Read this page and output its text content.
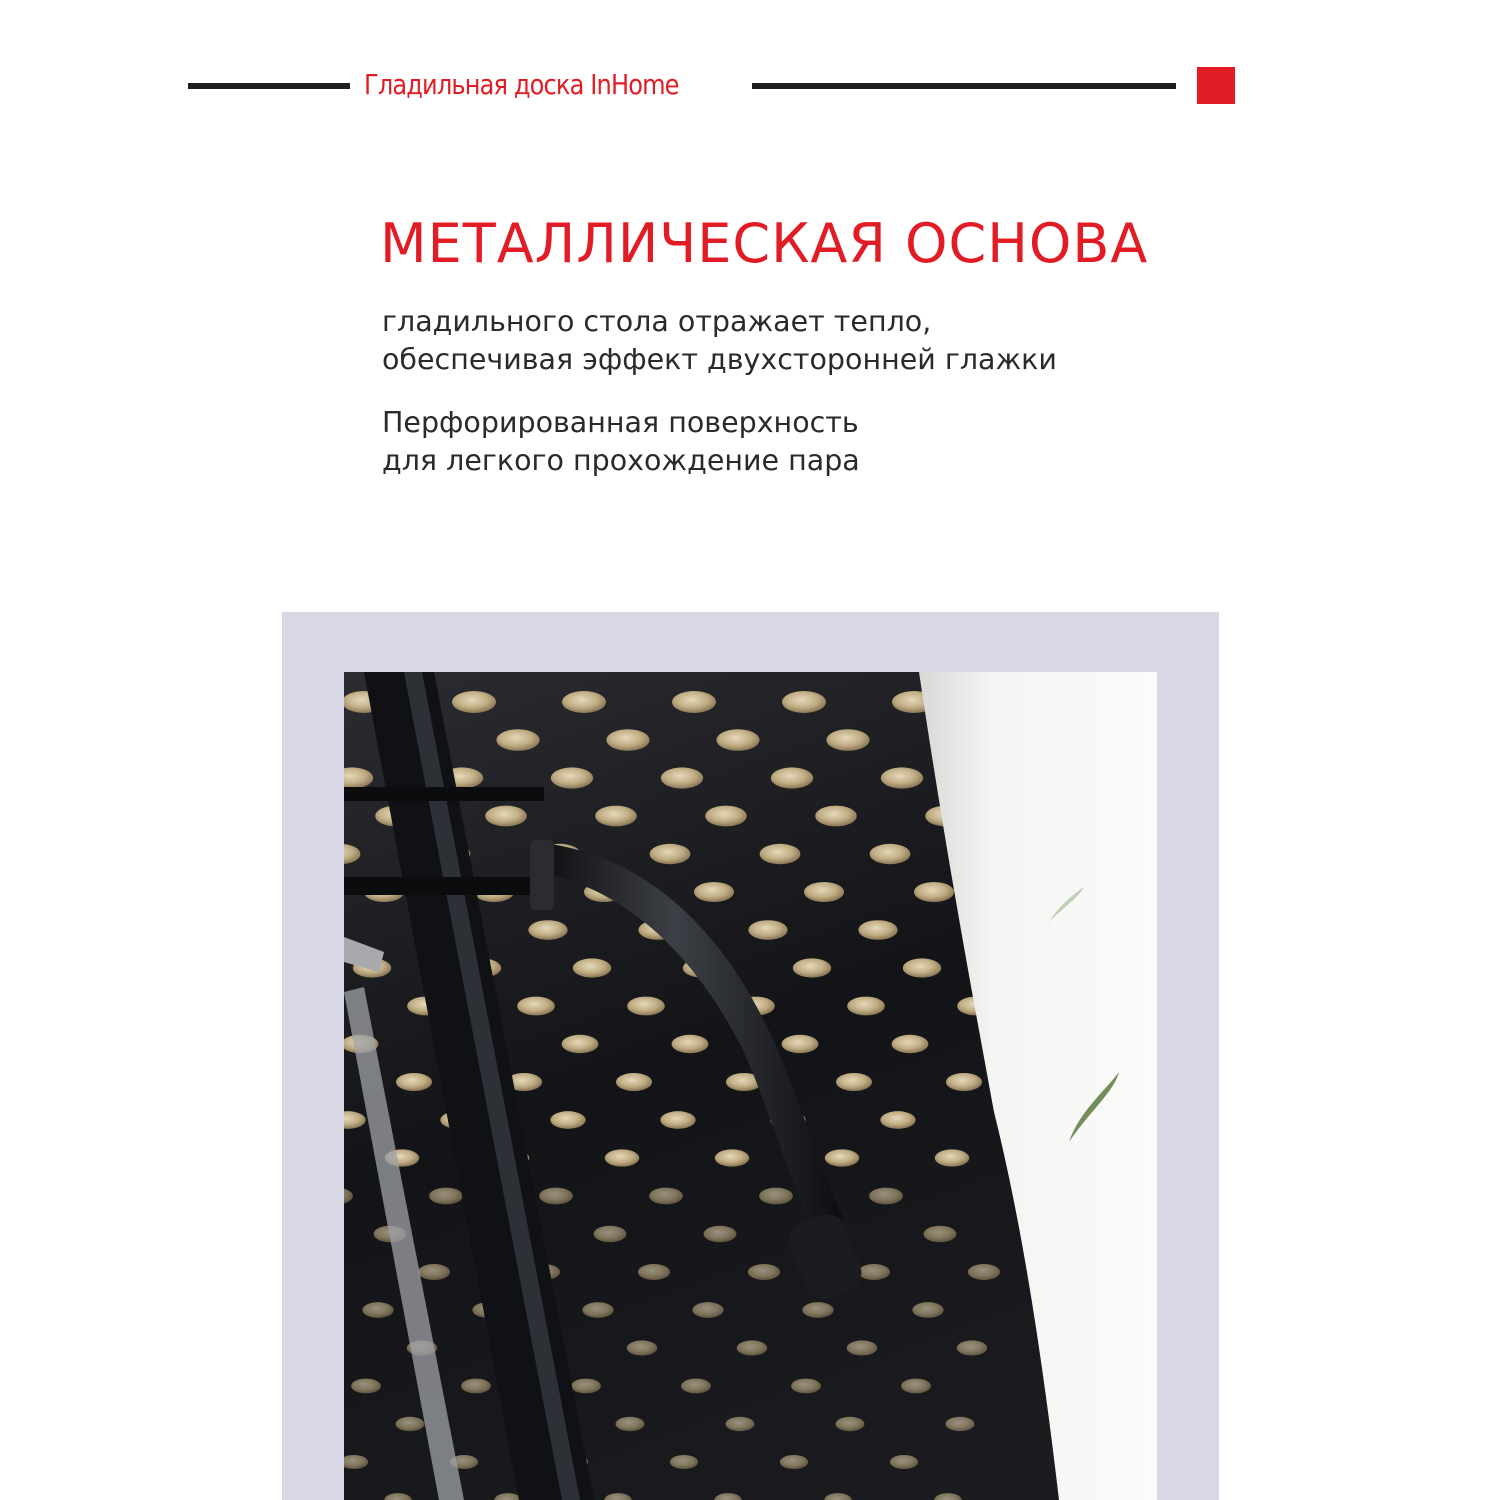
Гладильная доска InHome
МЕТАЛЛИЧЕСКАЯ ОСНОВА
гладильного стола отражает тепло,
обеспечивая эффект двухсторонней глажки
Перфорированная поверхность
для легкого прохождение пара
